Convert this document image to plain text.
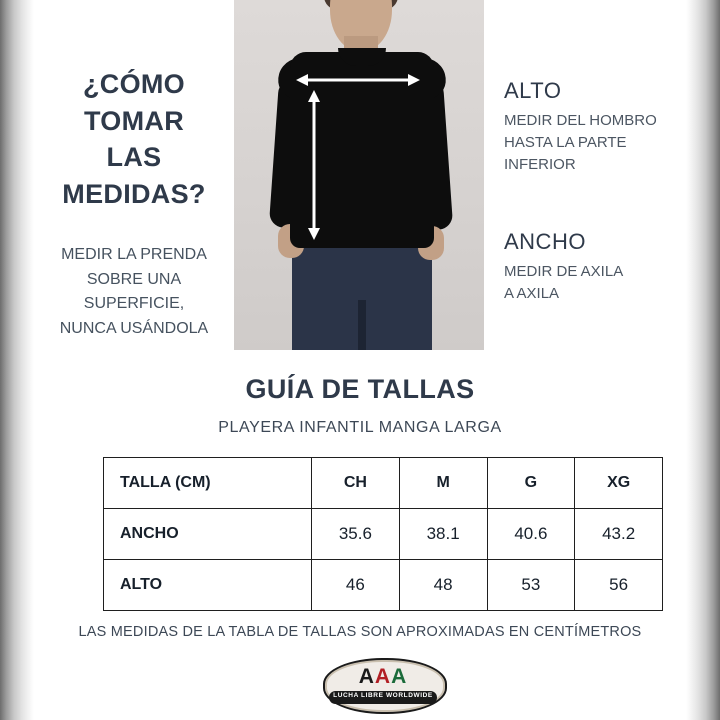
¿CÓMO TOMAR
LAS MEDIDAS?
MEDIR LA PRENDA
SOBRE UNA
SUPERFICIE,
NUNCA USÁNDOLA
ALTO
MEDIR DEL HOMBRO
HASTA LA PARTE
INFERIOR
ANCHO
MEDIR DE AXILA
A AXILA
GUÍA DE TALLAS
PLAYERA INFANTIL MANGA LARGA
TALLA (CM)	CH	M	G	XG
ANCHO	35.6	38.1	40.6	43.2
ALTO	46	48	53	56
LAS MEDIDAS DE LA TABLA DE TALLAS SON APROXIMADAS EN CENTÍMETROS
AAA
LUCHA LIBRE WORLDWIDE
